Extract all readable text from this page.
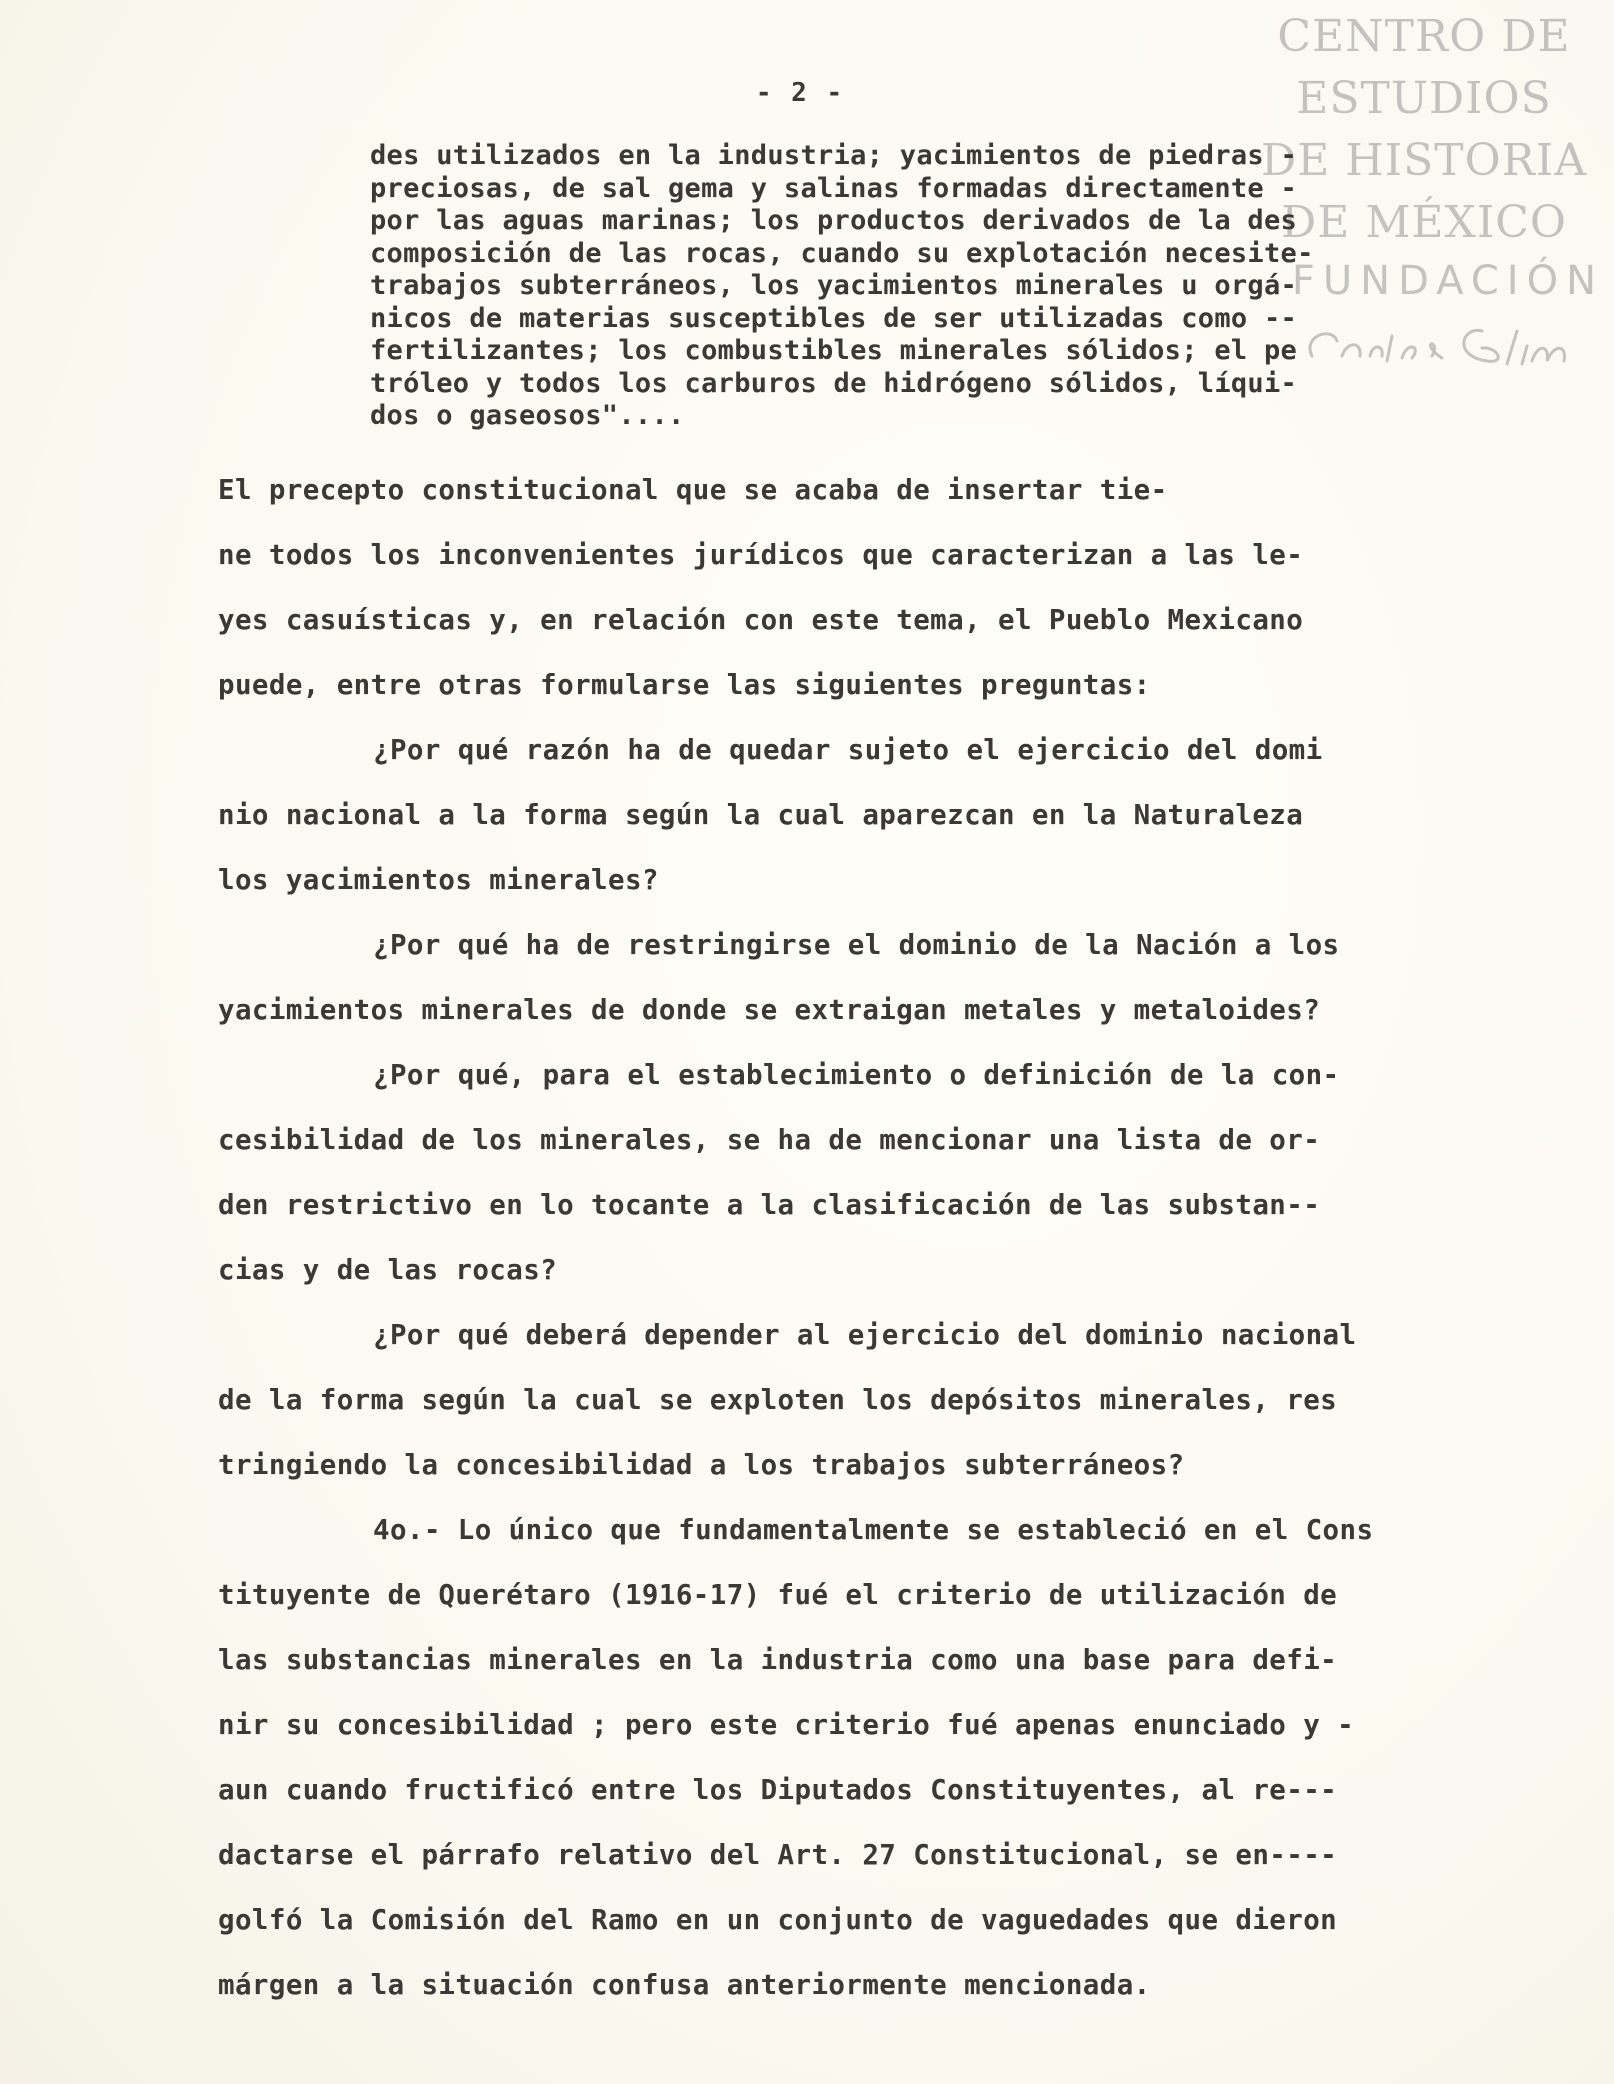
- 2 -
CENTRO DE
ESTUDIOS
DE HISTORIA
DE MÉXICO
FUNDACIÓN
des utilizados en la industria; yacimientos de piedras -
preciosas, de sal gema y salinas formadas directamente -
por las aguas marinas; los productos derivados de la des
composición de las rocas, cuando su explotación necesite-
trabajos subterráneos, los yacimientos minerales u orgá-
nicos de materias susceptibles de ser utilizadas como --
fertilizantes; los combustibles minerales sólidos; el pe
tróleo y todos los carburos de hidrógeno sólidos, líqui-
dos o gaseosos"....
El precepto constitucional que se acaba de insertar tie-
ne todos los inconvenientes jurídicos que caracterizan a las le-
yes casuísticas y, en relación con este tema, el Pueblo Mexicano
puede, entre otras formularse las siguientes preguntas:
¿Por qué razón ha de quedar sujeto el ejercicio del domi
nio nacional a la forma según la cual aparezcan en la Naturaleza
los yacimientos minerales?
¿Por qué ha de restringirse el dominio de la Nación a los
yacimientos minerales de donde se extraigan metales y metaloides?
¿Por qué, para el establecimiento o definición de la con-
cesibilidad de los minerales, se ha de mencionar una lista de or-
den restrictivo en lo tocante a la clasificación de las substan--
cias y de las rocas?
¿Por qué deberá depender al ejercicio del dominio nacional
de la forma según la cual se exploten los depósitos minerales, res
tringiendo la concesibilidad a los trabajos subterráneos?
4o.- Lo único que fundamentalmente se estableció en el Cons
tituyente de Querétaro (1916-17) fué el criterio de utilización de
las substancias minerales en la industria como una base para defi-
nir su concesibilidad ; pero este criterio fué apenas enunciado y -
aun cuando fructificó entre los Diputados Constituyentes, al re---
dactarse el párrafo relativo del Art. 27 Constitucional, se en----
golfó la Comisión del Ramo en un conjunto de vaguedades que dieron
márgen a la situación confusa anteriormente mencionada.
